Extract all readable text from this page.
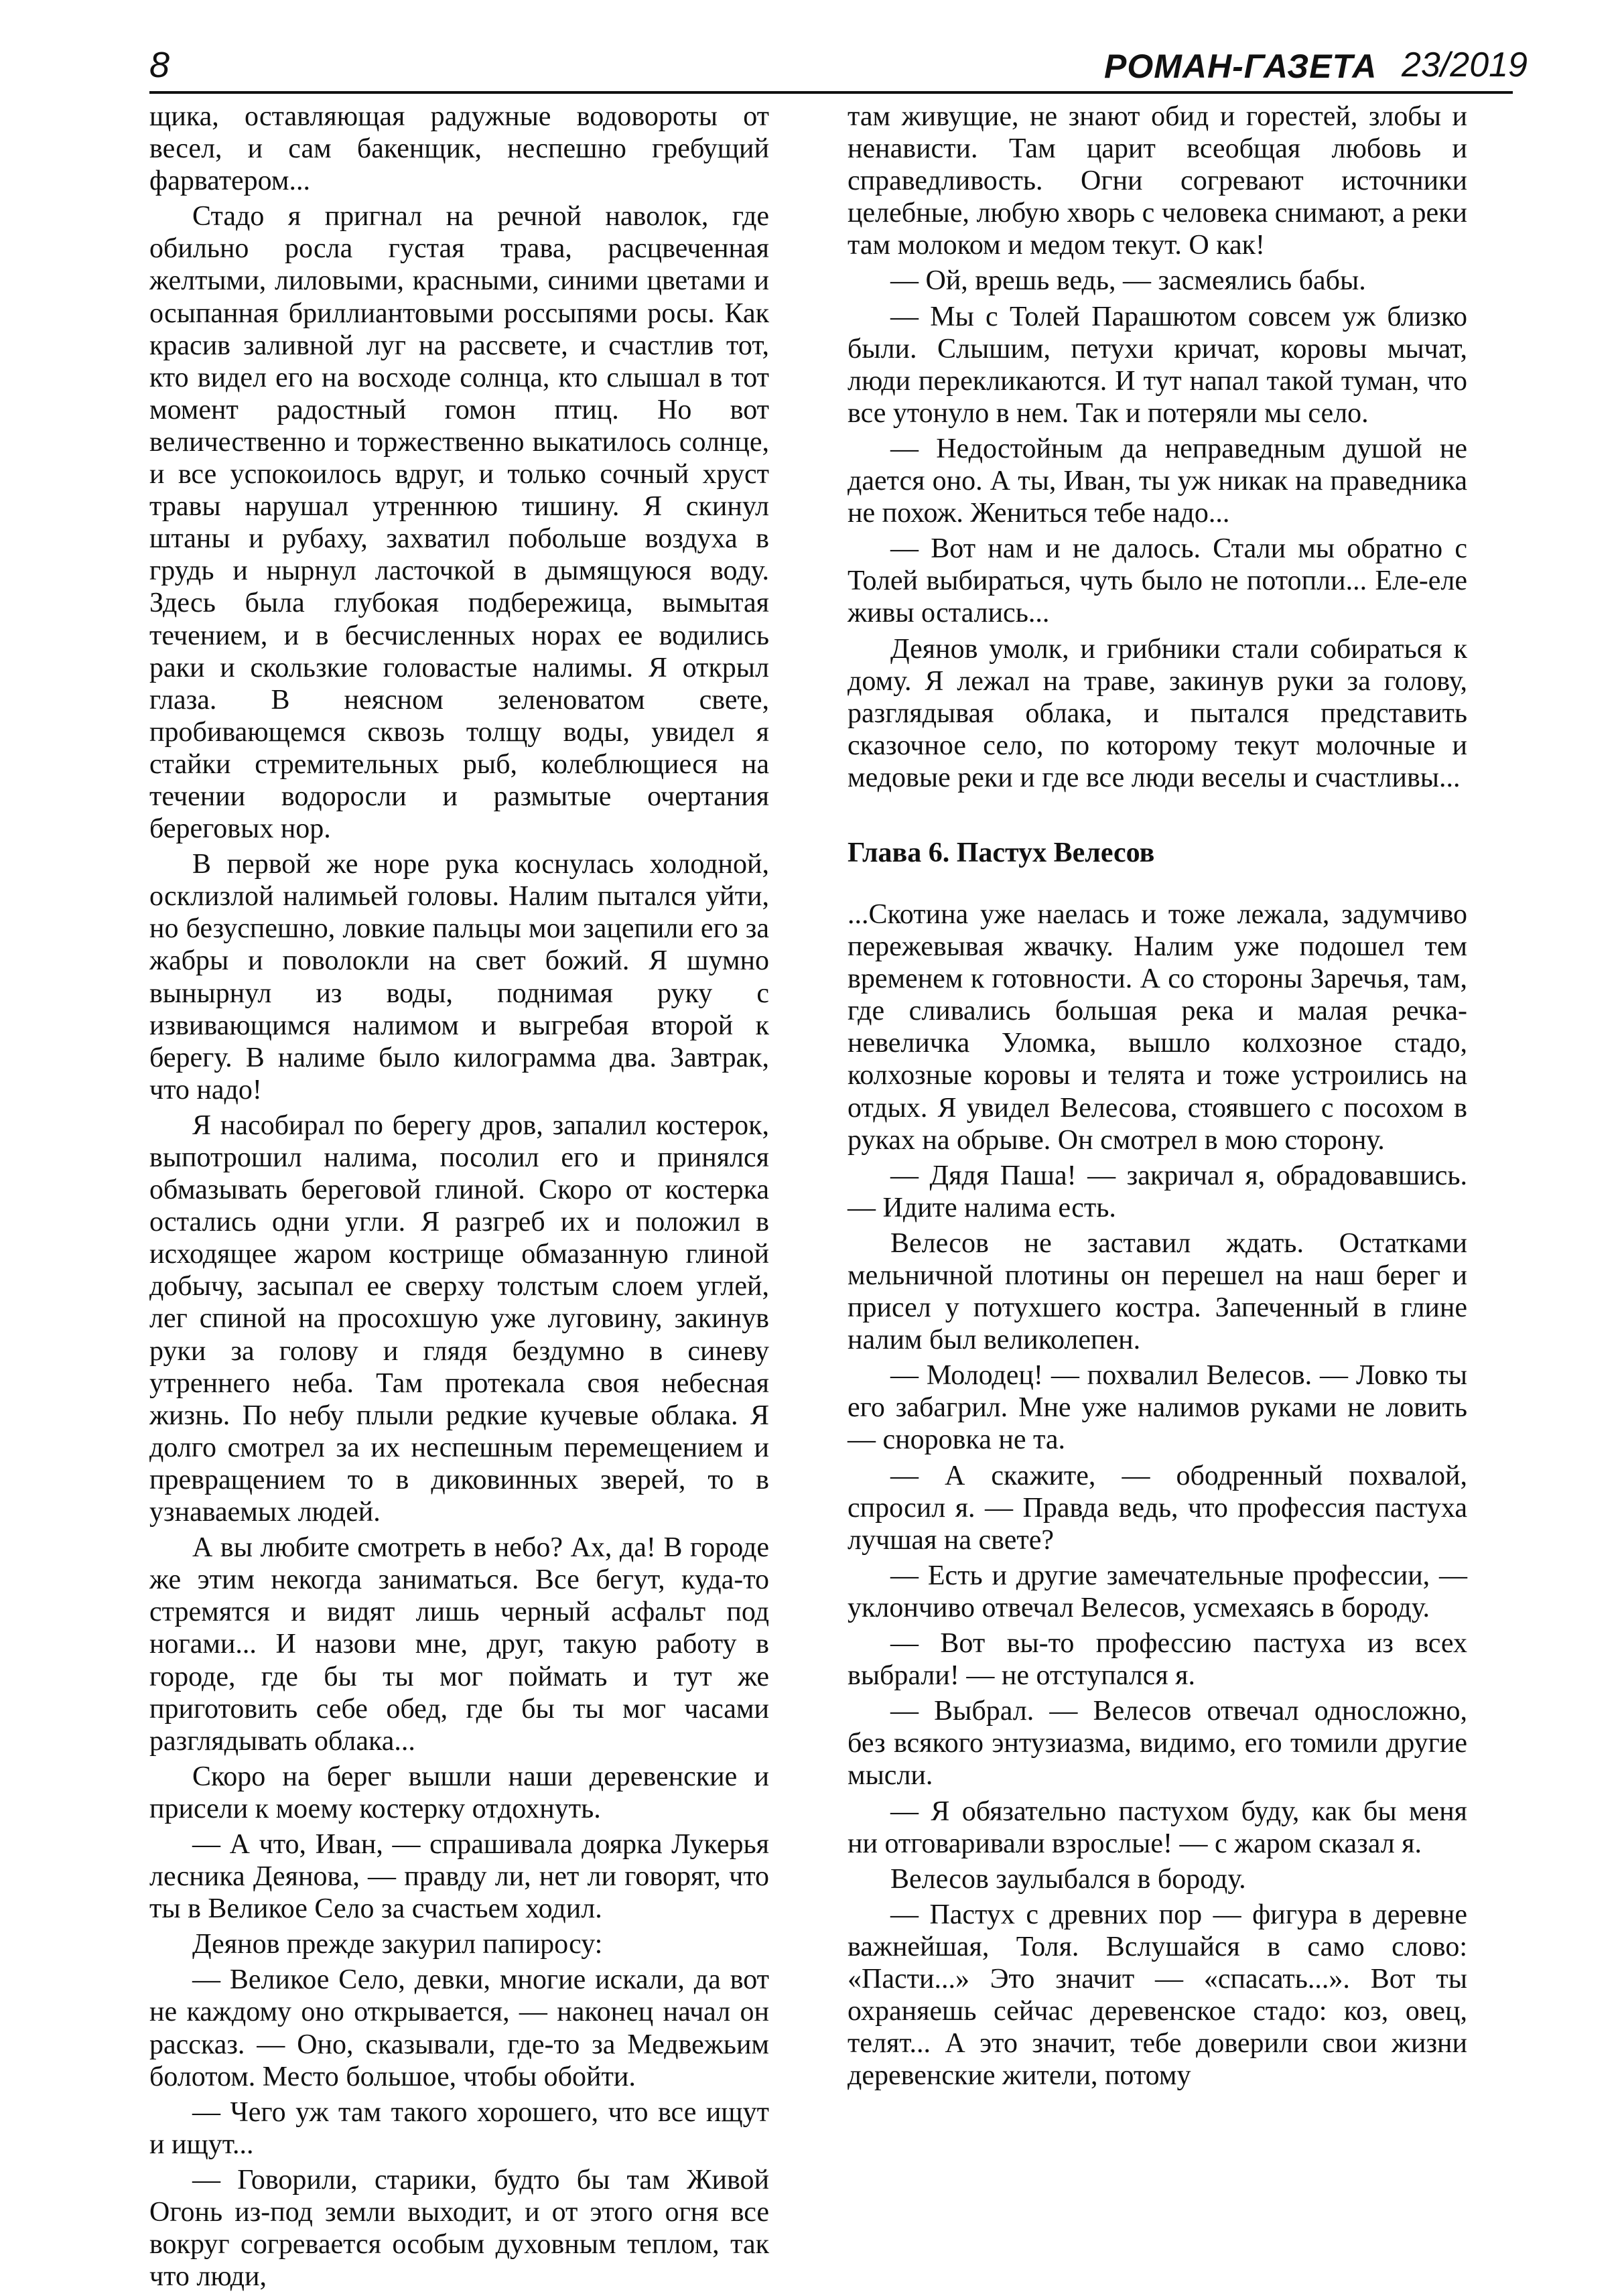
8	РОМАН-ГАЗЕТА 23/2019

щика, оставляющая радужные водовороты от весел, и сам бакенщик, неспешно гребущий фарватером...

Стадо я пригнал на речной наволок, где обильно росла густая трава, расцвеченная желтыми, лиловыми, красными, синими цветами и осыпанная бриллиантовыми россыпями росы. Как красив заливной луг на рассвете, и счастлив тот, кто видел его на восходе солнца, кто слышал в тот момент радостный гомон птиц. Но вот величественно и торжественно выкатилось солнце, и все успокоилось вдруг, и только сочный хруст травы нарушал утреннюю тишину. Я скинул штаны и рубаху, захватил побольше воздуха в грудь и нырнул ласточкой в дымящуюся воду. Здесь была глубокая подбережица, вымытая течением, и в бесчисленных норах ее водились раки и скользкие головастые налимы. Я открыл глаза. В неясном зеленоватом свете, пробивающемся сквозь толщу воды, увидел я стайки стремительных рыб, колеблющиеся на течении водоросли и размытые очертания береговых нор.

В первой же норе рука коснулась холодной, осклизлой налимьей головы. Налим пытался уйти, но безуспешно, ловкие пальцы мои зацепили его за жабры и поволокли на свет божий. Я шумно вынырнул из воды, поднимая руку с извивающимся налимом и выгребая второй к берегу. В налиме было килограмма два. Завтрак, что надо!

Я насобирал по берегу дров, запалил костерок, выпотрошил налима, посолил его и принялся обмазывать береговой глиной. Скоро от костерка остались одни угли. Я разгреб их и положил в исходящее жаром кострище обмазанную глиной добычу, засыпал ее сверху толстым слоем углей, лег спиной на просохшую уже луговину, закинув руки за голову и глядя бездумно в синеву утреннего неба. Там протекала своя небесная жизнь. По небу плыли редкие кучевые облака. Я долго смотрел за их неспешным перемещением и превращением то в диковинных зверей, то в узнаваемых людей.

А вы любите смотреть в небо? Ах, да! В городе же этим некогда заниматься. Все бегут, куда-то стремятся и видят лишь черный асфальт под ногами... И назови мне, друг, такую работу в городе, где бы ты мог поймать и тут же приготовить себе обед, где бы ты мог часами разглядывать облака...

Скоро на берег вышли наши деревенские и присели к моему костерку отдохнуть.

— А что, Иван, — спрашивала доярка Лукерья лесника Деянова, — правду ли, нет ли говорят, что ты в Великое Село за счастьем ходил.

Деянов прежде закурил папиросу:

— Великое Село, девки, многие искали, да вот не каждому оно открывается, — наконец начал он рассказ. — Оно, сказывали, где-то за Медвежьим болотом. Место большое, чтобы обойти.

— Чего уж там такого хорошего, что все ищут и ищут...

— Говорили, старики, будто бы там Живой Огонь из-под земли выходит, и от этого огня все вокруг согревается особым духовным теплом, так что люди,

там живущие, не знают обид и горестей, злобы и ненависти. Там царит всеобщая любовь и справедливость. Огни согревают источники целебные, любую хворь с человека снимают, а реки там молоком и медом текут. О как!

— Ой, врешь ведь, — засмеялись бабы.

— Мы с Толей Парашютом совсем уж близко были. Слышим, петухи кричат, коровы мычат, люди перекликаются. И тут напал такой туман, что все утонуло в нем. Так и потеряли мы село.

— Недостойным да неправедным душой не дается оно. А ты, Иван, ты уж никак на праведника не похож. Жениться тебе надо...

— Вот нам и не далось. Стали мы обратно с Толей выбираться, чуть было не потопли... Еле-еле живы остались...

Деянов умолк, и грибники стали собираться к дому. Я лежал на траве, закинув руки за голову, разглядывая облака, и пытался представить сказочное село, по которому текут молочные и медовые реки и где все люди веселы и счастливы...

Глава 6. Пастух Велесов

...Скотина уже наелась и тоже лежала, задумчиво пережевывая жвачку. Налим уже подошел тем временем к готовности. А со стороны Заречья, там, где сливались большая река и малая речка-невеличка Уломка, вышло колхозное стадо, колхозные коровы и телята и тоже устроились на отдых. Я увидел Велесова, стоявшего с посохом в руках на обрыве. Он смотрел в мою сторону.

— Дядя Паша! — закричал я, обрадовавшись. — Идите налима есть.

Велесов не заставил ждать. Остатками мельничной плотины он перешел на наш берег и присел у потухшего костра. Запеченный в глине налим был великолепен.

— Молодец! — похвалил Велесов. — Ловко ты его забагрил. Мне уже налимов руками не ловить — сноровка не та.

— А скажите, — ободренный похвалой, спросил я. — Правда ведь, что профессия пастуха лучшая на свете?

— Есть и другие замечательные профессии, — уклончиво отвечал Велесов, усмехаясь в бороду.

— Вот вы-то профессию пастуха из всех выбрали! — не отступался я.

— Выбрал. — Велесов отвечал односложно, без всякого энтузиазма, видимо, его томили другие мысли.

— Я обязательно пастухом буду, как бы меня ни отговаривали взрослые! — с жаром сказал я.

Велесов заулыбался в бороду.

— Пастух с древних пор — фигура в деревне важнейшая, Толя. Вслушайся в само слово: «Пасти...» Это значит — «спасать...». Вот ты охраняешь сейчас деревенское стадо: коз, овец, телят... А это значит, тебе доверили свои жизни деревенские жители, потому
